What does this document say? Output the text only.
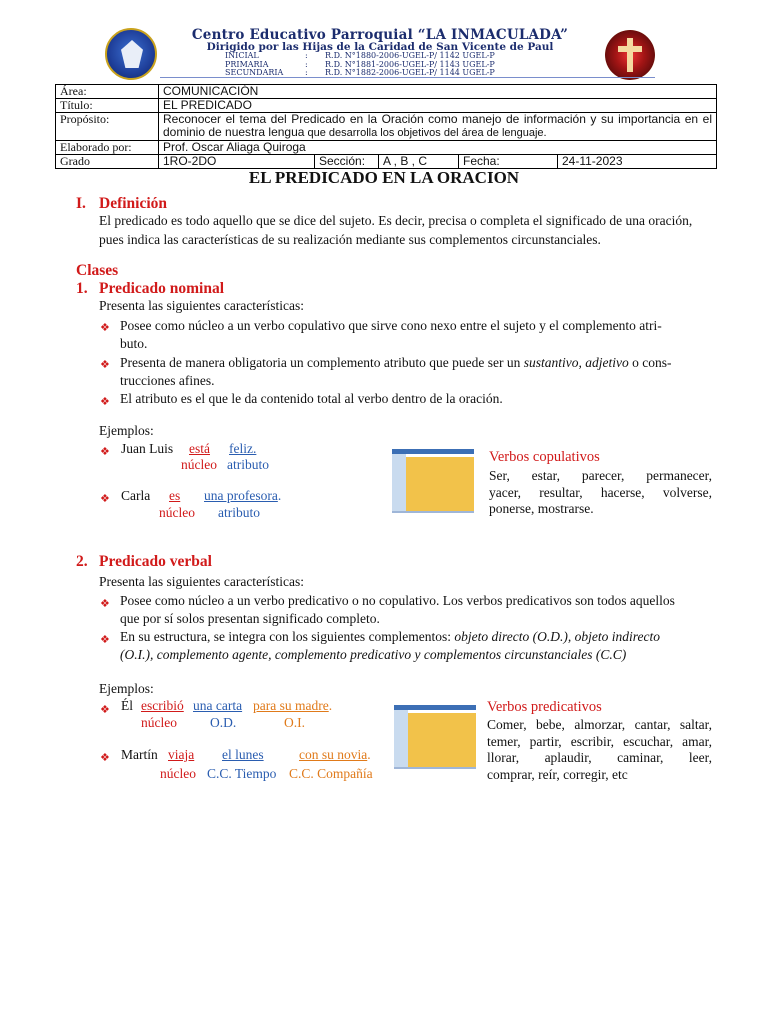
Centro Educativo Parroquial “LA INMACULADA”
Dirigido por las Hijas de la Caridad de San Vicente de Paul
INICIAL	:	R.D. N°1880-2006-UGEL-P/ 1142 UGEL-P
PRIMARIA	:	R.D. N°1881-2006-UGEL-P/ 1143 UGEL-P
SECUNDARIA	:	R.D. N°1882-2006-UGEL-P/ 1144 UGEL-P
Área:	COMUNICACIÓN
Título:	EL PREDICADO
Propósito:	Reconocer el tema del Predicado en la Oración como manejo de información y su importancia en el dominio de nuestra lengua que desarrolla los objetivos del área de lenguaje.
Elaborado por:	Prof. Oscar Aliaga Quiroga
Grado	1RO-2DO Sección: A , B , C Fecha: 24-11-2023
EL PREDICADO EN LA ORACION
I. Definición
El predicado es todo aquello que se dice del sujeto. Es decir, precisa o completa el significado de una oración, pues indica las características de su realización mediante sus complementos circunstanciales.
Clases
1. Predicado nominal
Presenta las siguientes características:
❖ Posee como núcleo a un verbo copulativo que sirve cono nexo entre el sujeto y el complemento atri-
buto.
❖ Presenta de manera obligatoria un complemento atributo que puede ser un sustantivo, adjetivo o cons-
trucciones afines.
❖ El atributo es el que le da contenido total al verbo dentro de la oración.
Ejemplos:
❖ Juan Luis está feliz.
núcleo atributo
❖ Carla es una profesora.
núcleo atributo
Verbos copulativos
Ser, estar, parecer, permanecer,
yacer, resultar, hacerse, volverse,
ponerse, mostrarse.
2. Predicado verbal
Presenta las siguientes características:
❖ Posee como núcleo a un verbo predicativo o no copulativo. Los verbos predicativos son todos aquellos
que por sí solos presentan significado completo.
❖ En su estructura, se integra con los siguientes complementos: objeto directo (O.D.), objeto indirecto
(O.I.), complemento agente, complemento predicativo y complementos circunstanciales (C.C)
Ejemplos:
❖ Él escribió una carta para su madre.
núcleo O.D.	O.I.
❖ Martín viaja el lunes	con su novia.
núcleo C.C. Tiempo C.C. Compañía
Verbos predicativos
Comer, bebe, almorzar, cantar, saltar,
temer, partir, escribir, escuchar, amar,
llorar, aplaudir, caminar, leer,
comprar, reír, corregir, etc
